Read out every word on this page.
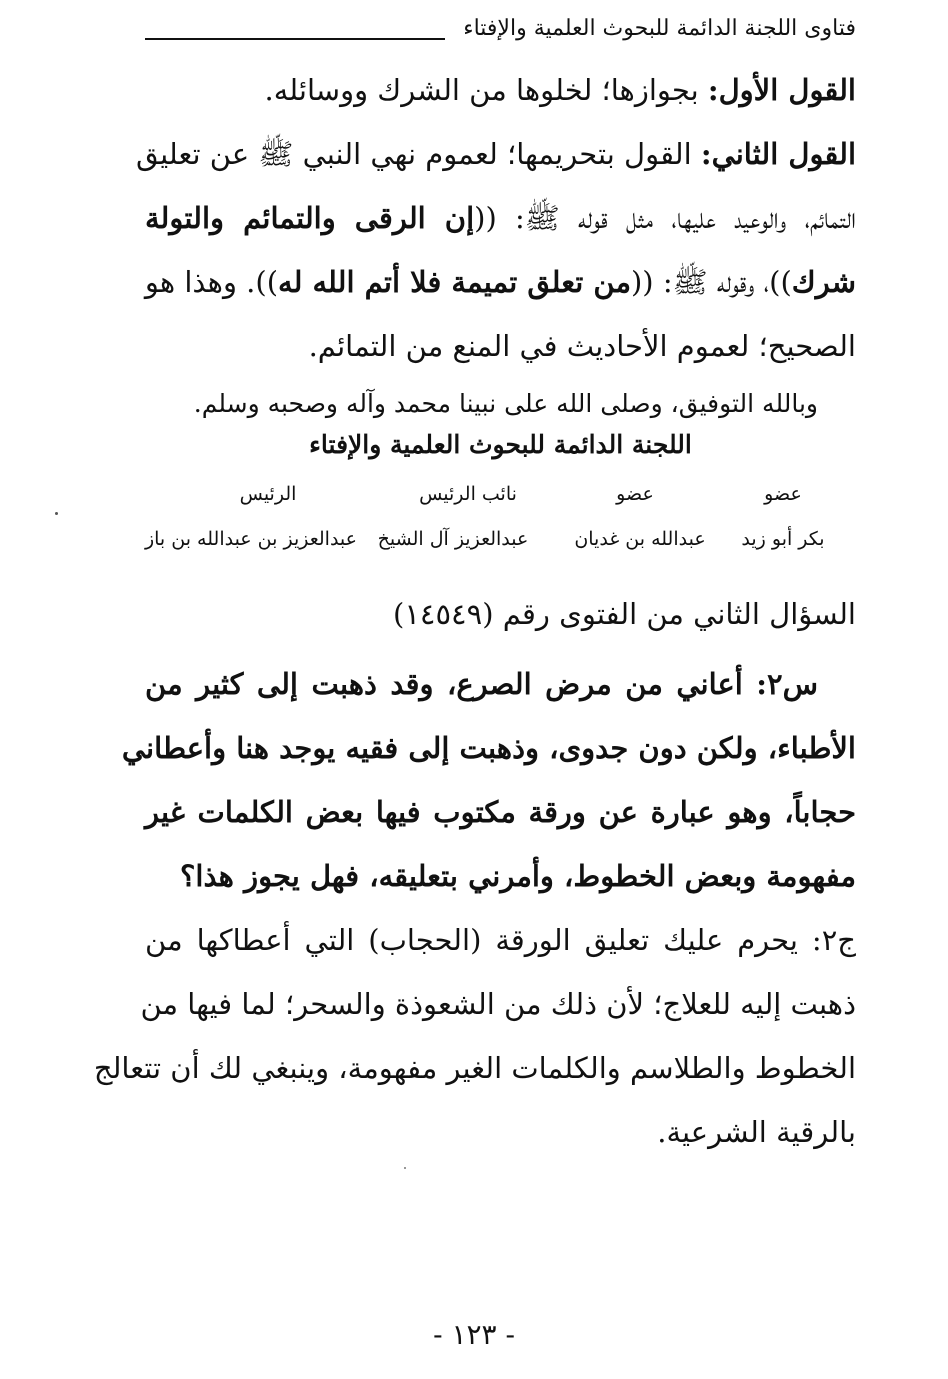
فتاوى اللجنة الدائمة للبحوث العلمية والإفتاء
القول الأول: بجوازها؛ لخلوها من الشرك ووسائله.
القول الثاني: القول بتحريمها؛ لعموم نهي النبي ﷺ عن تعليق
التمائم، والوعيد عليها، مثل قوله ﷺ: ((إن الرقى والتمائم والتولة
شرك))، وقوله ﷺ: ((من تعلق تميمة فلا أتم الله له)). وهذا هو
الصحيح؛ لعموم الأحاديث في المنع من التمائم.
وبالله التوفيق، وصلى الله على نبينا محمد وآله وصحبه وسلم.
اللجنة الدائمة للبحوث العلمية والإفتاء
عضو
عضو
نائب الرئيس
الرئيس
بكر أبو زيد
عبدالله بن غديان
عبدالعزيز آل الشيخ
عبدالعزيز بن عبدالله بن باز
السؤال الثاني من الفتوى رقم (١٤٥٤٩)
س٢: أعاني من مرض الصرع، وقد ذهبت إلى كثير من
الأطباء، ولكن دون جدوى، وذهبت إلى فقيه يوجد هنا وأعطاني
حجاباً، وهو عبارة عن ورقة مكتوب فيها بعض الكلمات غير
مفهومة وبعض الخطوط، وأمرني بتعليقه، فهل يجوز هذا؟
ج٢: يحرم عليك تعليق الورقة (الحجاب) التي أعطاكها من
ذهبت إليه للعلاج؛ لأن ذلك من الشعوذة والسحر؛ لما فيها من
الخطوط والطلاسم والكلمات الغير مفهومة، وينبغي لك أن تتعالج
بالرقية الشرعية.
- ١٢٣ -
